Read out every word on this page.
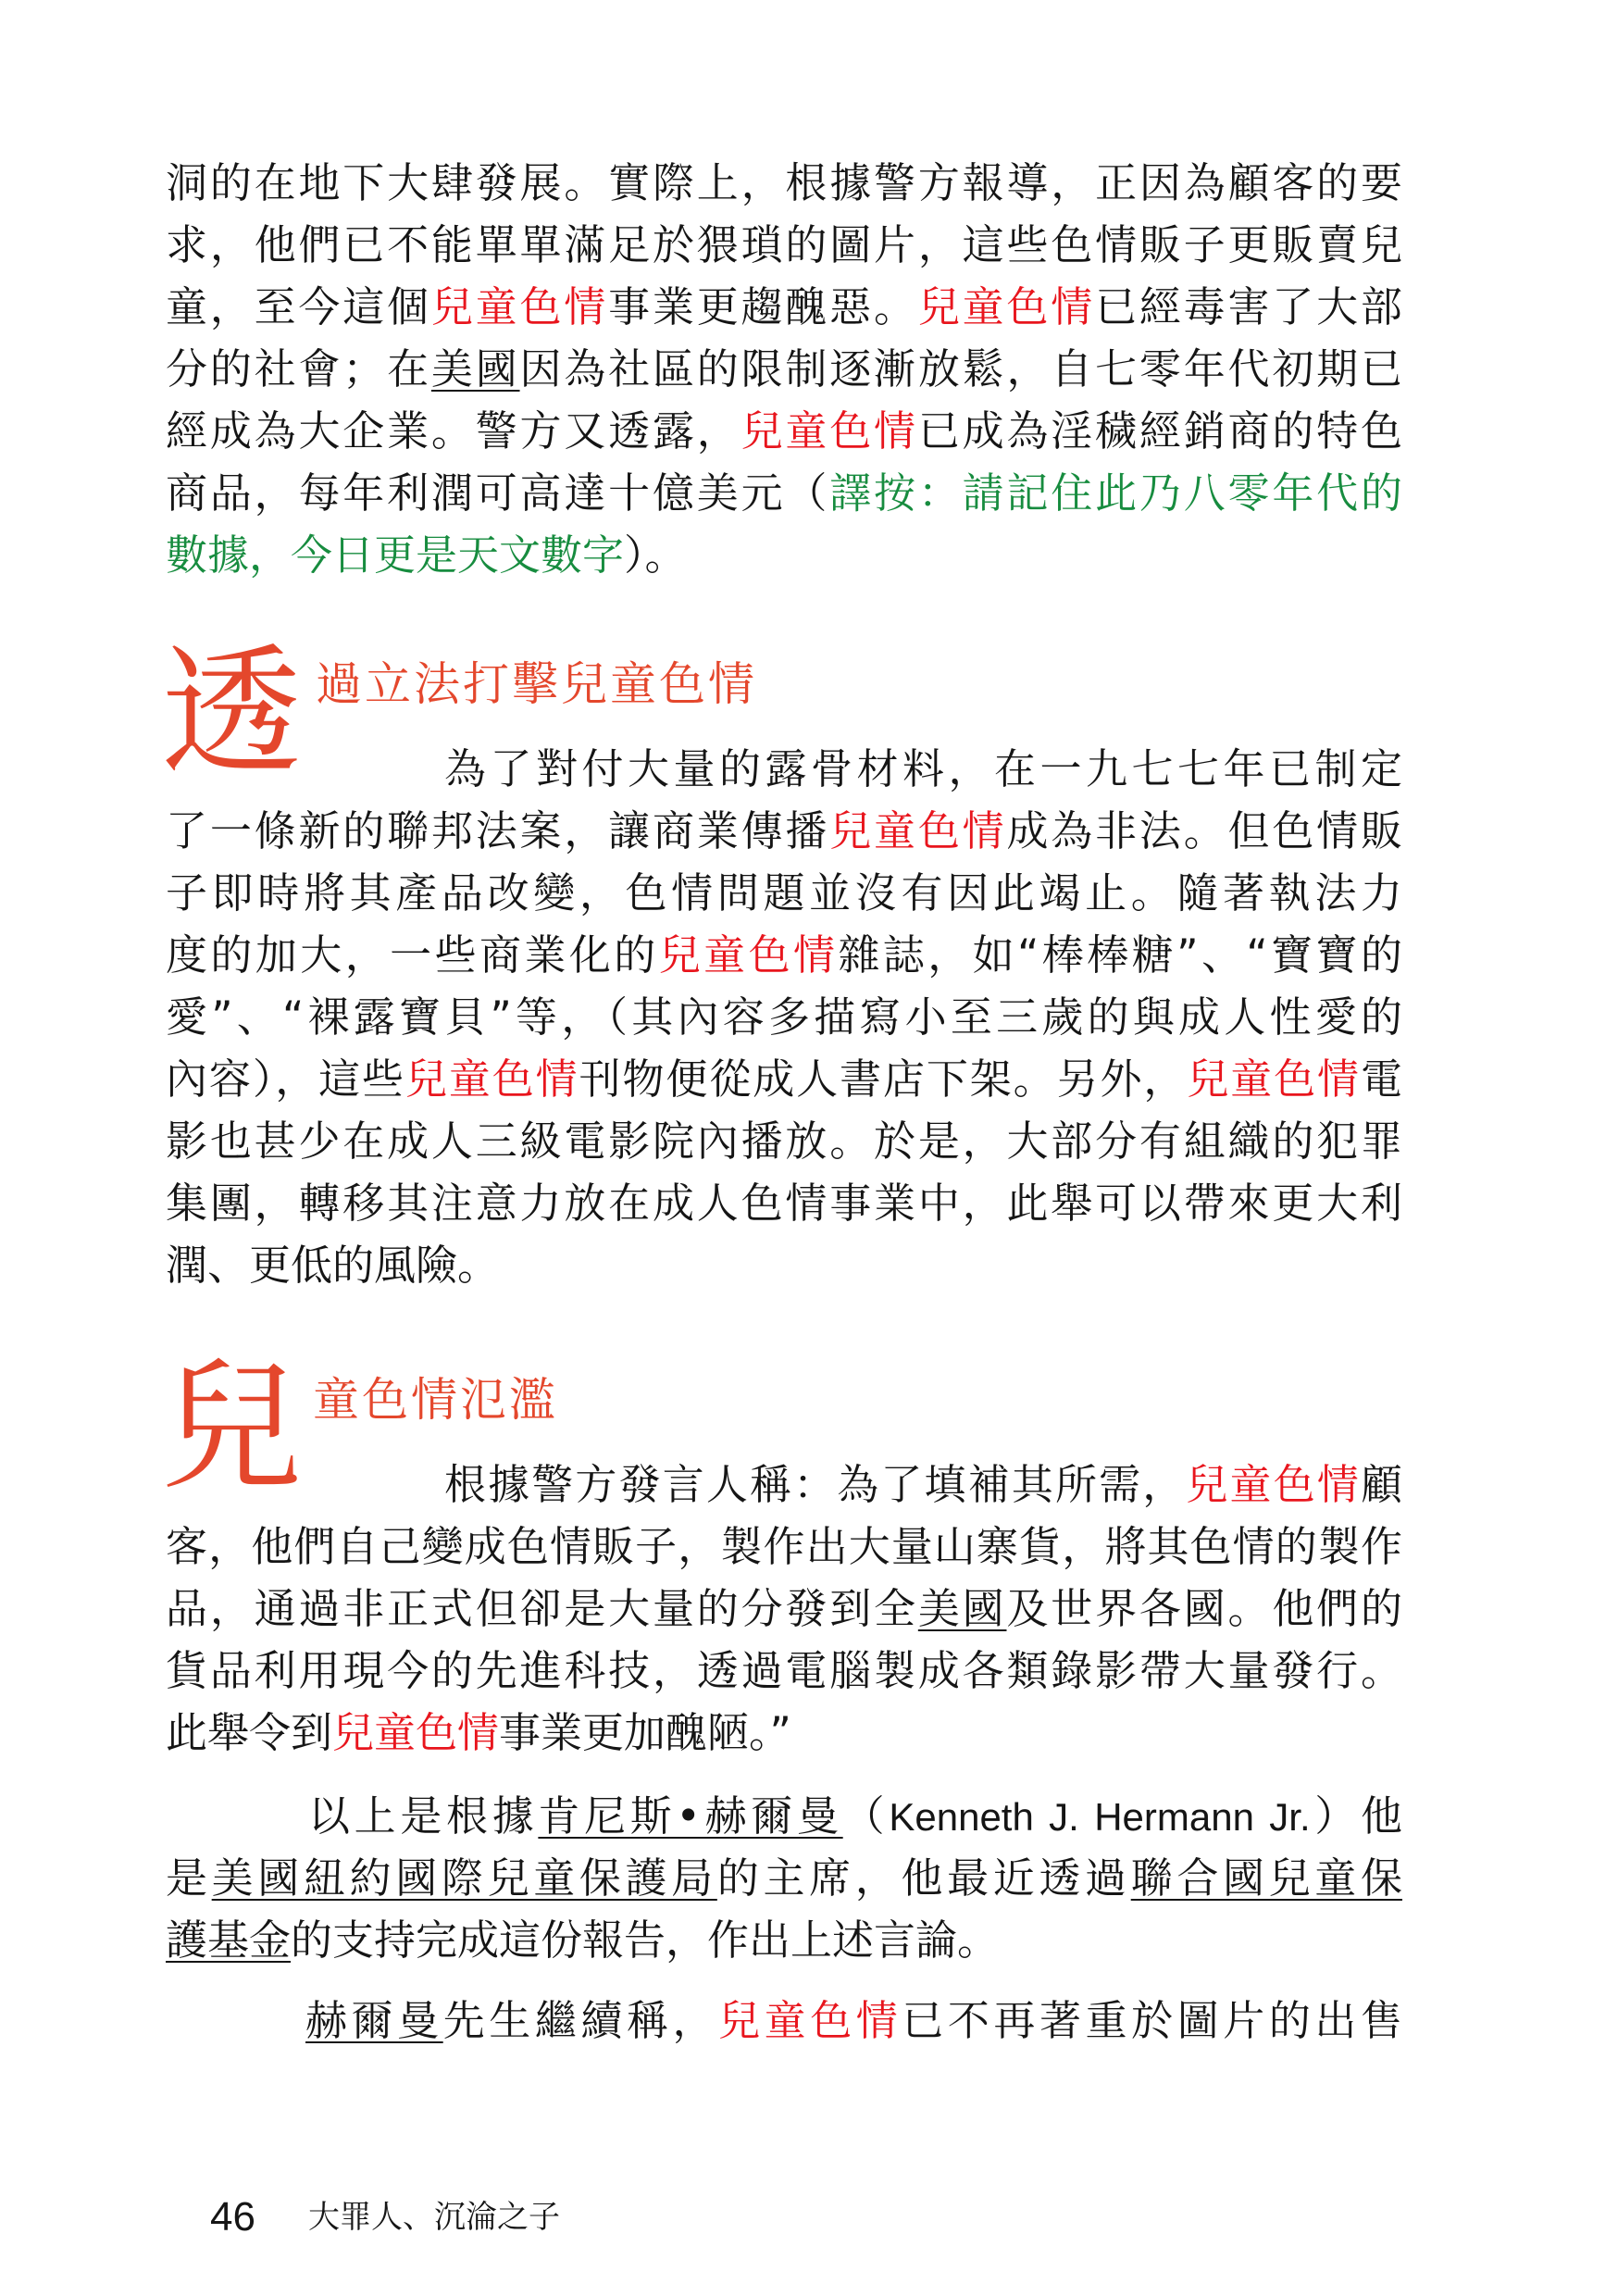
洞的在地下大肆發展。實際上，根據警方報導，正因為顧客的要
求，他們已不能單單滿足於猥瑣的圖片，這些色情販子更販賣兒
童，至今這個兒童色情事業更趨醜惡。兒童色情已經毒害了大部
分的社會；在美國因為社區的限制逐漸放鬆，自七零年代初期已
經成為大企業。警方又透露，兒童色情已成為淫穢經銷商的特色
商品，每年利潤可高達十億美元（譯按：請記住此乃八零年代的
數據，今日更是天文數字）。
透 過立法打擊兒童色情
為了對付大量的露骨材料，在一九七七年已制定
了一條新的聯邦法案，讓商業傳播兒童色情成為非法。但色情販
子即時將其產品改變，色情問題並沒有因此竭止。隨著執法力
度的加大，一些商業化的兒童色情雜誌，如“棒棒糖”、“寶寶的
愛”、“裸露寶貝”等，（其內容多描寫小至三歲的與成人性愛的
內容），這些兒童色情刊物便從成人書店下架。另外，兒童色情電
影也甚少在成人三級電影院內播放。於是，大部分有組織的犯罪
集團，轉移其注意力放在成人色情事業中，此舉可以帶來更大利
潤、更低的風險。
兒 童色情氾濫
根據警方發言人稱：為了填補其所需，兒童色情顧
客，他們自己變成色情販子，製作出大量山寨貨，將其色情的製作
品，通過非正式但卻是大量的分發到全美國及世界各國。他們的
貨品利用現今的先進科技，透過電腦製成各類錄影帶大量發行。
此舉令到兒童色情事業更加醜陋。”
以上是根據肯尼斯•赫爾曼（Kenneth J. Hermann Jr.）他
是美國紐約國際兒童保護局的主席，他最近透過聯合國兒童保
護基金的支持完成這份報告，作出上述言論。
赫爾曼先生繼續稱，兒童色情已不再著重於圖片的出售
46 大罪人、沉淪之子
